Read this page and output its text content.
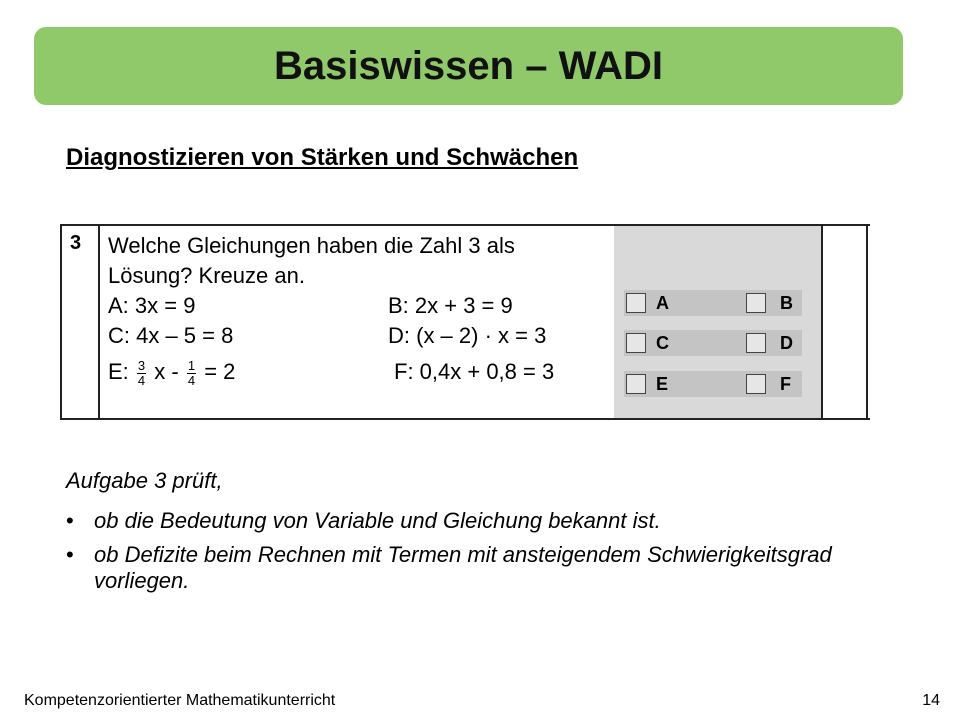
Basiswissen – WADI
Diagnostizieren von Stärken und Schwächen
3 Welche Gleichungen haben die Zahl 3 als
Lösung? Kreuze an.
A: 3x = 9	B: 2x + 3 = 9
C: 4x – 5 = 8	D: (x – 2) · x = 3
E: $\frac{3}{4}$ $x - \frac{1}{4} = 2$	F: 0,4x + 0,8 = 3
A	B
C	D
E	F
Aufgabe 3 prüft,
• ob die Bedeutung von Variable und Gleichung bekannt ist.
• ob Defizite beim Rechnen mit Termen mit ansteigendem Schwierigkeitsgrad vorliegen.
Kompetenzorientierter Mathematikunterricht	14
